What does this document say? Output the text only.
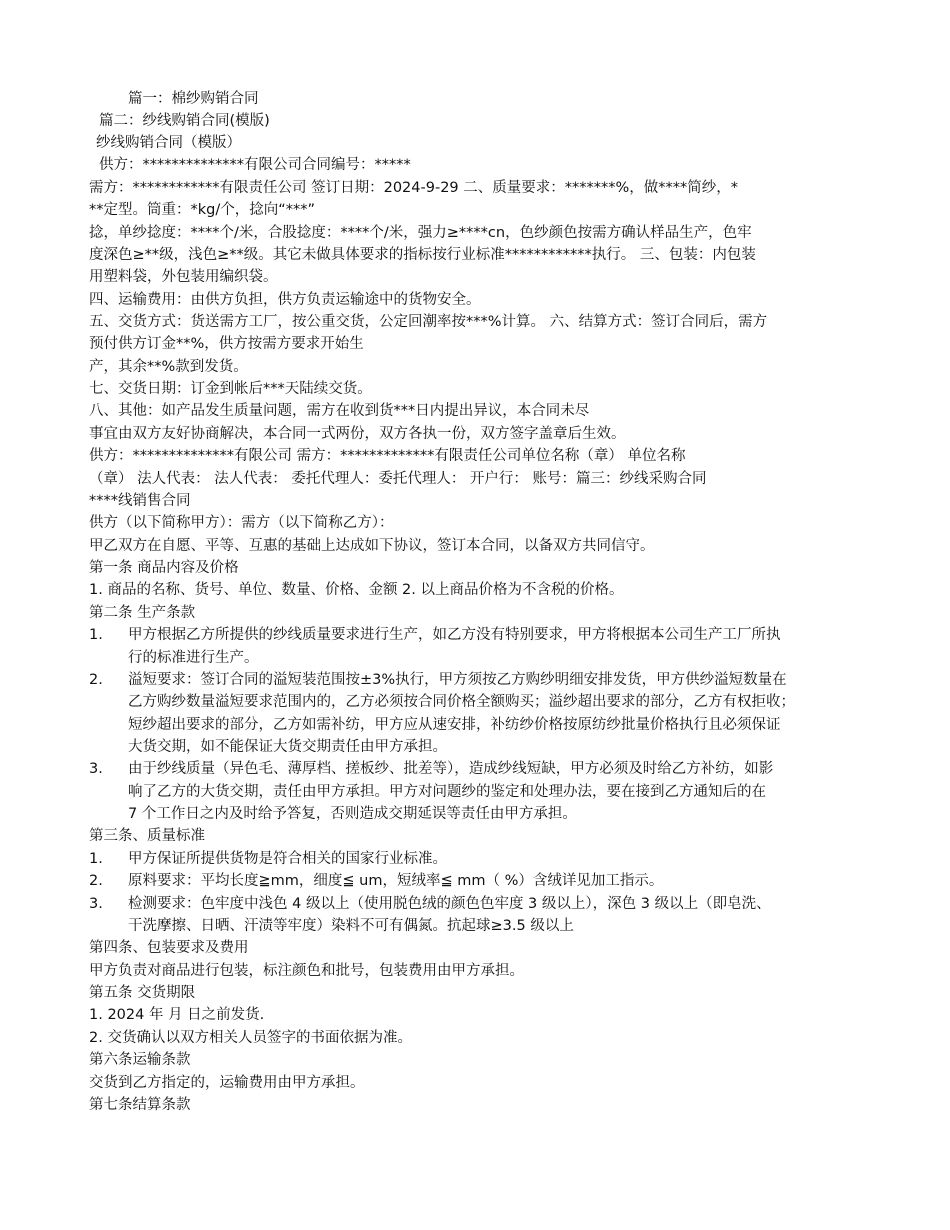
篇一：棉纱购销合同
篇二：纱线购销合同(模版)
纱线购销合同（模版）
供方：**************有限公司合同编号：*****
需方：************有限责任公司 签订日期：2024-9-29 二、质量要求：*******%，做****简纱，*
**定型。筒重：*kg/个，捻向“***”
捻，单纱捻度：****个/米，合股捻度：****个/米，强力≥****cn，色纱颜色按需方确认样品生产，色牢
度深色≥**级，浅色≥**级。其它未做具体要求的指标按行业标准************执行。 三、包装：内包装
用塑料袋，外包装用编织袋。
四、运输费用：由供方负担，供方负责运输途中的货物安全。
五、交货方式：货送需方工厂，按公重交货，公定回潮率按***%计算。 六、结算方式：签订合同后，需方
预付供方订金**%，供方按需方要求开始生
产，其余**%款到发货。
七、交货日期：订金到帐后***天陆续交货。
八、其他：如产品发生质量问题，需方在收到货***日内提出异议，本合同未尽
事宜由双方友好协商解决，本合同一式两份，双方各执一份，双方签字盖章后生效。
供方：**************有限公司 需方：*************有限责任公司单位名称（章） 单位名称
（章） 法人代表： 法人代表： 委托代理人：委托代理人： 开户行： 账号：篇三：纱线采购合同
****线销售合同
供方（以下简称甲方）：需方（以下简称乙方）：
甲乙双方在自愿、平等、互惠的基础上达成如下协议，签订本合同，以备双方共同信守。
第一条 商品内容及价格
1. 商品的名称、货号、单位、数量、价格、金额 2. 以上商品价格为不含税的价格。
第二条 生产条款
1. 甲方根据乙方所提供的纱线质量要求进行生产，如乙方没有特别要求，甲方将根据本公司生产工厂所执
行的标准进行生产。
2. 溢短要求：签订合同的溢短装范围按±3%执行，甲方须按乙方购纱明细安排发货，甲方供纱溢短数量在
乙方购纱数量溢短要求范围内的，乙方必须按合同价格全额购买；溢纱超出要求的部分，乙方有权拒收；
短纱超出要求的部分，乙方如需补纺，甲方应从速安排，补纺纱价格按原纺纱批量价格执行且必须保证
大货交期，如不能保证大货交期责任由甲方承担。
3. 由于纱线质量（异色毛、薄厚档、搓板纱、批差等），造成纱线短缺，甲方必须及时给乙方补纺，如影
响了乙方的大货交期，责任由甲方承担。甲方对问题纱的鉴定和处理办法，要在接到乙方通知后的在
7 个工作日之内及时给予答复，否则造成交期延误等责任由甲方承担。
第三条、质量标准
1. 甲方保证所提供货物是符合相关的国家行业标准。
2. 原料要求：平均长度≧mm，细度≦ um，短绒率≦ mm（ %）含绒详见加工指示。
3. 检测要求：色牢度中浅色 4 级以上（使用脱色绒的颜色色牢度 3 级以上），深色 3 级以上（即皂洗、
干洗摩擦、日晒、汗渍等牢度）染料不可有偶氮。抗起球≥3.5 级以上
第四条、包装要求及费用
甲方负责对商品进行包装，标注颜色和批号，包装费用由甲方承担。
第五条 交货期限
1. 2024 年 月 日之前发货.
2. 交货确认以双方相关人员签字的书面依据为准。
第六条运输条款
交货到乙方指定的，运输费用由甲方承担。
第七条结算条款
